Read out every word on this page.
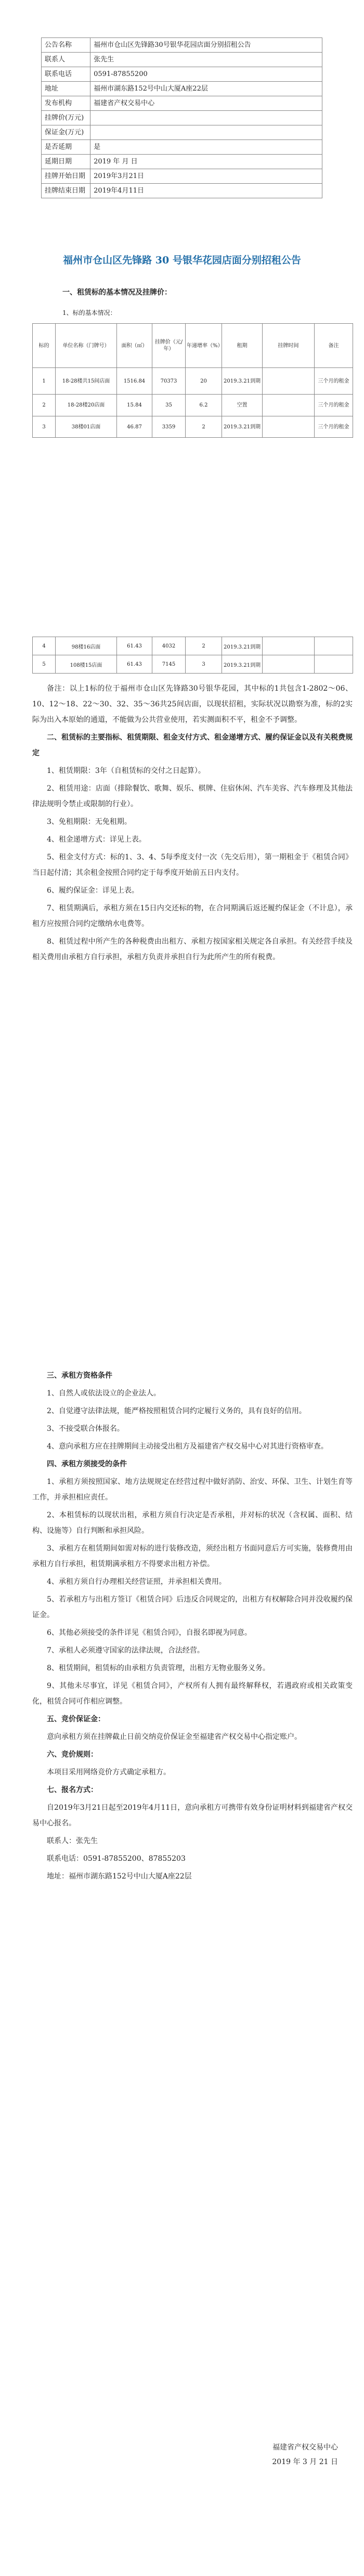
公告名称	福州市仓山区先锋路30号银华花园店面分别招租公告
联系人	张先生
联系电话	0591-87855200
地址	福州市湖东路152号中山大厦A座22层
发布机构	福建省产权交易中心
挂牌价(万元)	
保证金(万元)	
是否延期	是
延期日期	2019 年 月 日
挂牌开始日期	2019年3月21日
挂牌结束日期	2019年4月11日
福州市仓山区先锋路 30 号银华花园店面分别招租公告
一、租赁标的基本情况及挂牌价：
1、标的基本情况：
标的	单位名称（门牌号）	面积（㎡）	挂牌价（元/年）	年递增率（%）	租期	挂牌时间	备注
1	18-28楼共15间店面	1516.84	70373	20	2019.3.21到期		三个月的租金
2	18-28楼20店面	15.84	35	6.2	空置		三个月的租金
3	38楼01店面	46.87	3359	2	2019.3.21到期		三个月的租金
4	98楼16店面	61.43	4032	2	2019.3.21到期		
5	108楼15店面	61.43	7145	3	2019.3.21到期		

备注：以上1标的位于福州市仓山区先锋路30号银华花园，其中标的1共包含1-2802～06、10、12～18、22～30、32、35～36共25间店面，以现状招租，实际状况以勘察为准，标的2实际为出入本原始的通道，不能做为公共营业使用，若实测面积不平，租金不予调整。

二、租赁标的主要指标、租赁期限、租金支付方式、租金递增方式、履约保证金以及有关税费规定

1、租赁期限：3年（自租赁标的交付之日起算）。

2、租赁用途：店面（排除餐饮、歌舞、娱乐、棋牌、住宿休闲、汽车美容、汽车修理及其他法律法规明令禁止或限制的行业）。

3、免租期限：无免租期。

4、租金递增方式：详见上表。

5、租金支付方式：标的1、3、4、5每季度支付一次（先交后用），第一期租金于《租赁合同》当日起付清；其余租金按照合同约定于每季度开始前五日内支付。

6、履约保证金：详见上表。

7、租赁期满后，承租方须在15日内交还标的物，在合同期满后返还履约保证金（不计息），承租方应按照合同约定缴纳水电费等。

8、租赁过程中所产生的各种税费由出租方、承租方按国家相关规定各自承担。有关经营手续及相关费用由承租方自行承担，承租方负责并承担自行为此所产生的所有税费。

三、承租方资格条件

1、自然人或依法设立的企业法人。

2、自觉遵守法律法规，能严格按照租赁合同约定履行义务的，具有良好的信用。

3、不接受联合体报名。

4、意向承租方应在挂牌期间主动接受出租方及福建省产权交易中心对其进行资格审查。

四、承租方须接受的条件

1、承租方须按照国家、地方法规规定在经营过程中做好消防、治安、环保、卫生、计划生育等工作，并承担相应责任。

2、本租赁标的以现状出租，承租方须自行决定是否承租，并对标的状况（含权属、面积、结构、设施等）自行判断和承担风险。

3、承租方在租赁期间如需对标的进行装修改造，须经出租方书面同意后方可实施，装修费用由承租方自行承担，租赁期满承租方不得要求出租方补偿。

4、承租方须自行办理相关经营证照，并承担相关费用。

5、若承租方与出租方签订《租赁合同》后违反合同规定的，出租方有权解除合同并没收履约保证金。

6、其他必须接受的条件详见《租赁合同》，自报名即视为同意。

7、承租人必须遵守国家的法律法规，合法经营。

8、租赁期间，租赁标的由承租方负责管理，出租方无物业服务义务。

9、其他未尽事宜，详见《租赁合同》，产权所有人拥有最终解释权，若遇政府或相关政策变化，租赁合同可作相应调整。

五、竞价保证金：

意向承租方须在挂牌截止日前交纳竞价保证金至福建省产权交易中心指定账户。

六、竞价规则：

本项目采用网络竞价方式确定承租方。

七、报名方式：

自2019年3月21日起至2019年4月11日，意向承租方可携带有效身份证明材料到福建省产权交易中心报名。

联系人：张先生

联系电话：0591-87855200、87855203

地址：福州市湖东路152号中山大厦A座22层

福建省产权交易中心
2019 年 3 月 21 日
